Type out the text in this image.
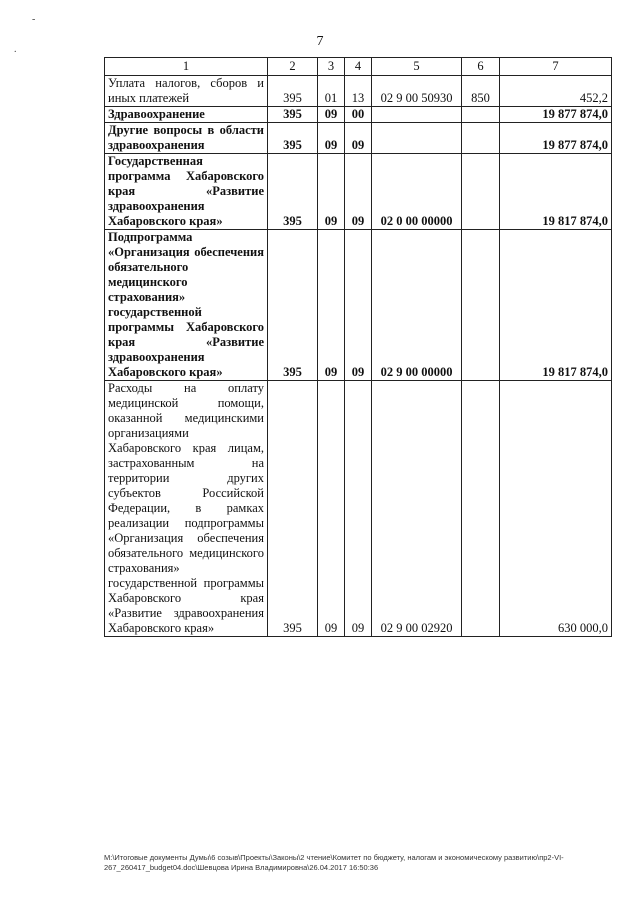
7
-
.
1	2	3	4	5	6	7
Уплата налогов, сборов и иных платежей	395	01	13	02 9 00 50930	850	452,2
Здравоохранение	395	09	00			19 877 874,0
Другие вопросы в области здравоохранения	395	09	09			19 877 874,0
Государственная программа Хабаровского края «Развитие здравоохранения Хабаровского края»	395	09	09	02 0 00 00000		19 817 874,0
Подпрограмма «Организация обеспечения обязательного медицинского страхования» государственной программы Хабаровского края «Развитие здравоохранения Хабаровского края»	395	09	09	02 9 00 00000		19 817 874,0
Расходы на оплату медицинской помощи, оказанной медицинскими организациями Хабаровского края лицам, застрахованным на территории других субъектов Российской Федерации, в рамках реализации подпрограммы «Организация обеспечения обязательного медицинского страхования» государственной программы Хабаровского края «Развитие здравоохранения Хабаровского края»	395	09	09	02 9 00 02920		630 000,0
М:\Итоговые документы Думы\6 созыв\Проекты\Законы\2 чтение\Комитет по бюджету, налогам и экономическому развитию\пр2-VI-
267_260417_budget04.doc\Шевцова Ирина Владимировна\26.04.2017 16:50:36
